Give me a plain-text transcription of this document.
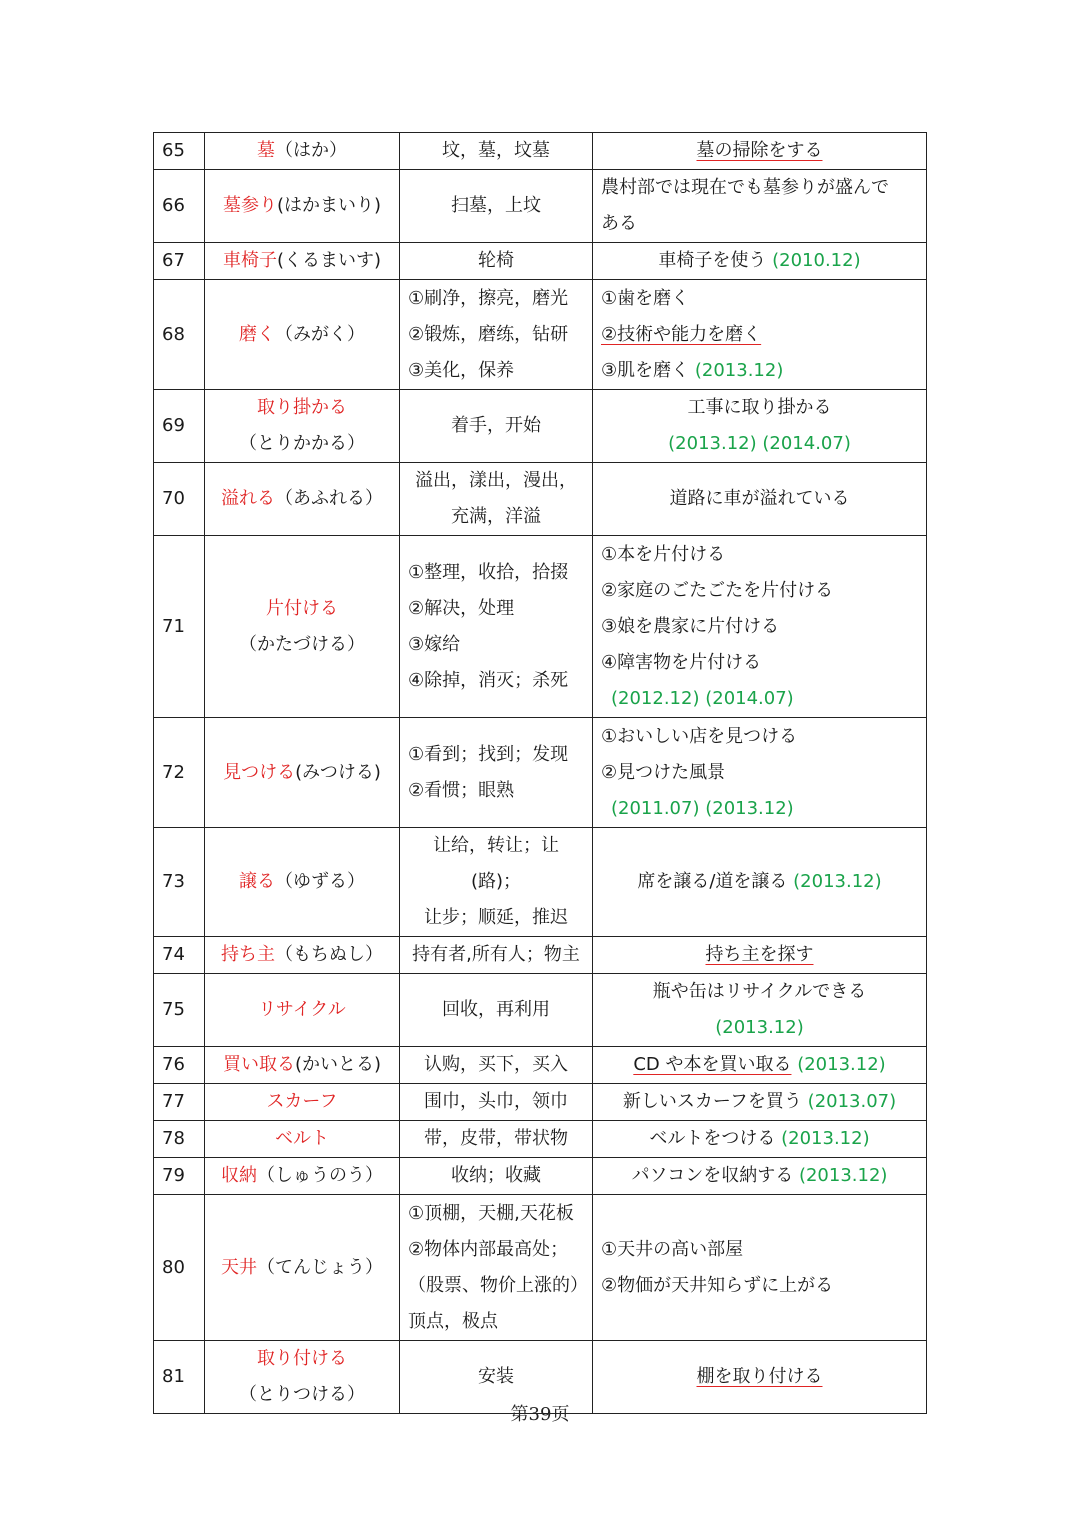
65	墓（はか）	坟，墓，坟墓	墓の掃除をする
66	墓参り(はかまいり)	扫墓，上坟	農村部では現在でも墓参りが盛んで
ある

67	車椅子(くるまいす)	轮椅	車椅子を使う (2010.12)
68	磨く（みがく）	①刷净，擦亮，磨光
②锻炼，磨练，钻研
③美化，保养	①歯を磨く
②技術や能力を磨く
③肌を磨く (2013.12)

69	取り掛かる
（とりかかる）	着手，开始	工事に取り掛かる
(2013.12) (2014.07)

70	溢れる（あふれる）	溢出，漾出，漫出，
充满，洋溢	道路に車が溢れている
71	片付ける
（かたづける）	①整理，收拾，拾掇
②解决，处理
③嫁给
④除掉，消灭；杀死	①本を片付ける
②家庭のごたごたを片付ける
③娘を農家に片付ける
④障害物を片付ける
(2012.12) (2014.07)

72	見つける(みつける)	①看到；找到；发现
②看惯；眼熟	①おいしい店を見つける
②見つけた風景
(2011.07) (2013.12)

73	譲る（ゆずる）	让给，转让；让(路)；
让步；顺延，推迟	席を譲る/道を譲る (2013.12)
74	持ち主（もちぬし）	持有者,所有人；物主	持ち主を探す
75	リサイクル	回收，再利用	瓶や缶はリサイクルできる
(2013.12)

76	買い取る(かいとる)	认购，买下，买入	CD や本を買い取る (2013.12)
77	スカーフ	围巾，头巾，领巾	新しいスカーフを買う (2013.07)
78	ベルト	带，皮带，带状物	ベルトをつける (2013.12)
79	収納（しゅうのう）	收纳；收藏	パソコンを収納する (2013.12)
80	天井（てんじょう）	①顶棚，天棚,天花板
②物体内部最高处；
（股票、物价上涨的）
顶点，极点	①天井の高い部屋
②物価が天井知らずに上がる

81	取り付ける
（とりつける）	安装	棚を取り付ける
第39页
